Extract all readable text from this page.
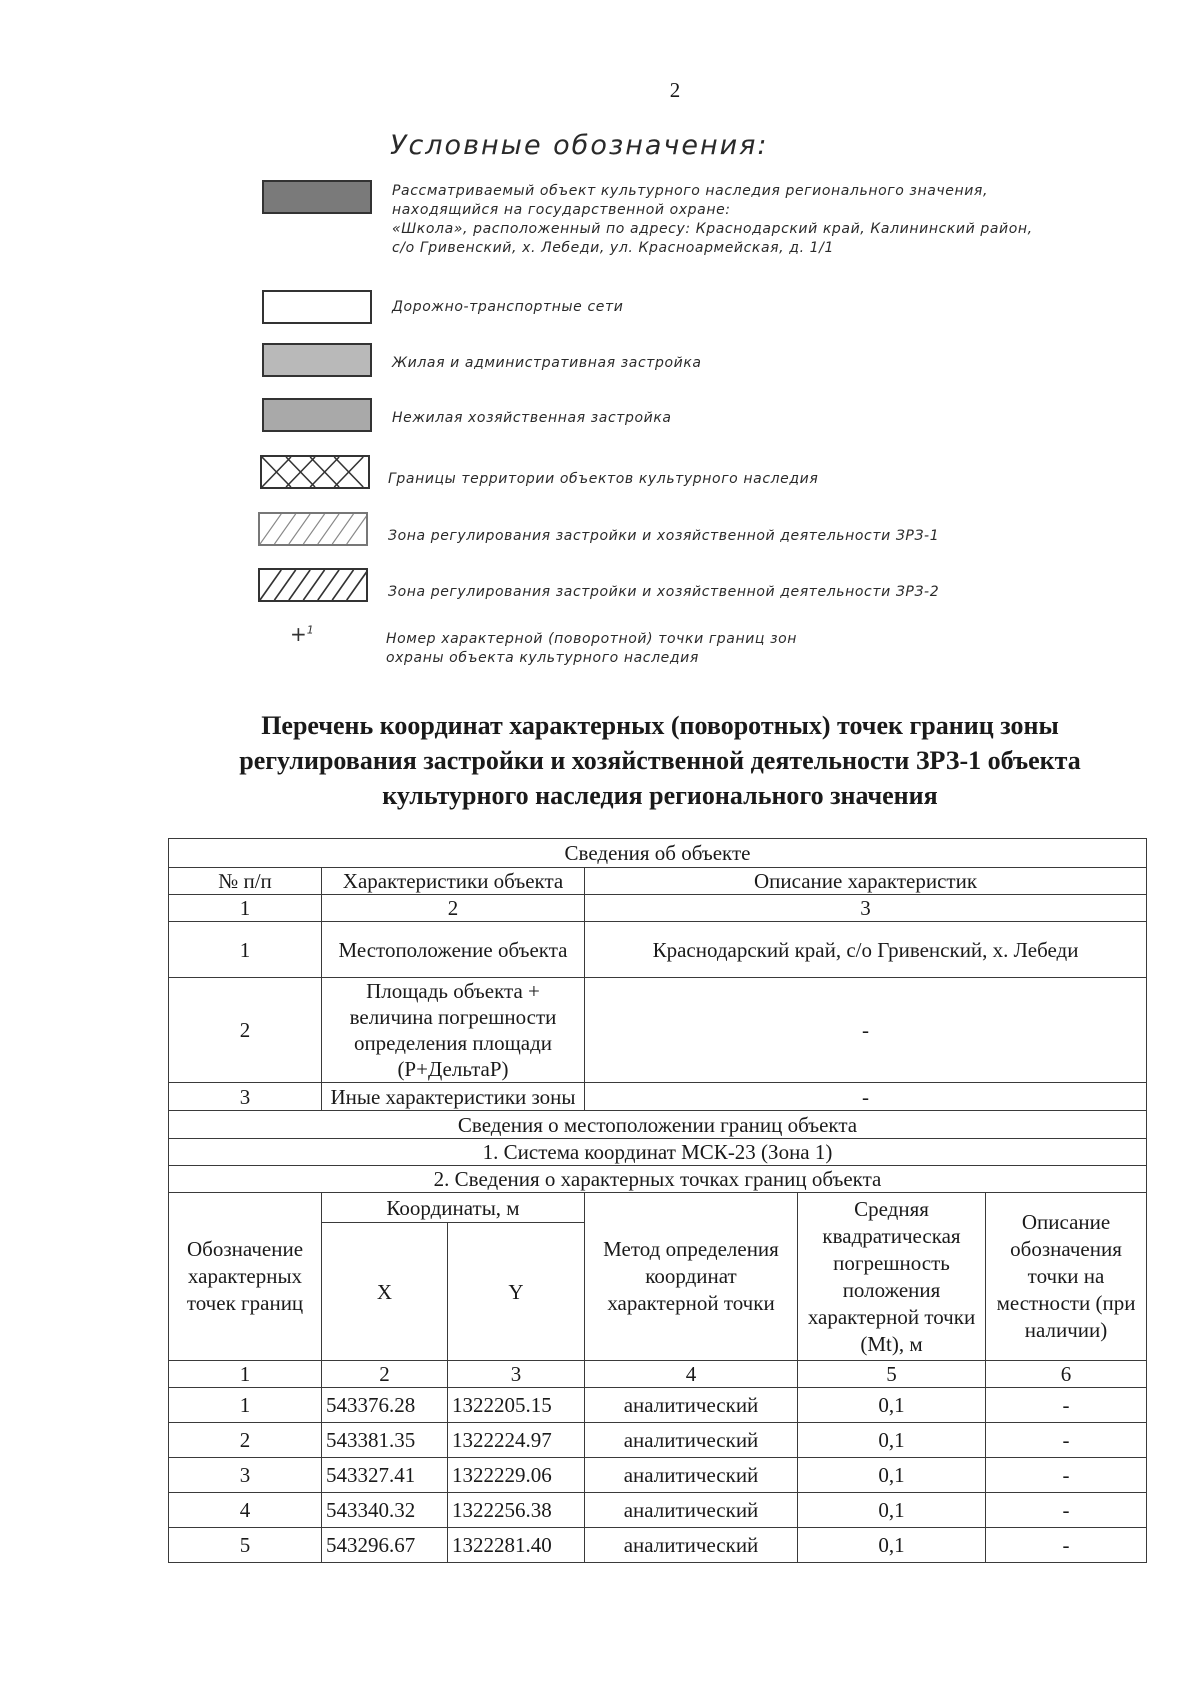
2
Условные обозначения:
Рассматриваемый объект культурного наследия регионального значения,
находящийся на государственной охране:
«Школа», расположенный по адресу: Краснодарский край, Калининский район,
с/о Гривенский, х. Лебеди, ул. Красноармейская, д. 1/1
Дорожно-транспортные сети
Жилая и административная застройка
Нежилая хозяйственная застройка
Границы территории объектов культурного наследия
Зона регулирования застройки и хозяйственной деятельности ЗРЗ-1
Зона регулирования застройки и хозяйственной деятельности ЗРЗ-2
+$^1$
Номер характерной (поворотной) точки границ зон
охраны объекта культурного наследия
Перечень координат характерных (поворотных) точек границ зоны
регулирования застройки и хозяйственной деятельности ЗРЗ-1 объекта
культурного наследия регионального значения
Сведения об объекте					
№ п/п	Характеристики объекта		Описание характеристик		
1	2		3		
1	Местоположение объекта		Краснодарский край, с/о Гривенский, х. Лебеди		
2	Площадь объекта + величина погрешности определения площади (Р+ДельтаР)		-		
3	Иные характеристики зоны		-		
Сведения о местоположении границ объекта					
1. Система координат МСК-23 (Зона 1)					
2. Сведения о характерных точках границ объекта					
Обозначение характерных точек границ	Координаты, м		Метод определения координат характерной точки	Средняя квадратическая погрешность положения характерной точки (Mt), м	Описание обозначения точки на местности (при наличии)
	X	Y			
1	2	3	4	5	6
1	543376.28	1322205.15	аналитический	0,1	-
2	543381.35	1322224.97	аналитический	0,1	-
3	543327.41	1322229.06	аналитический	0,1	-
4	543340.32	1322256.38	аналитический	0,1	-
5	543296.67	1322281.40	аналитический	0,1	-
